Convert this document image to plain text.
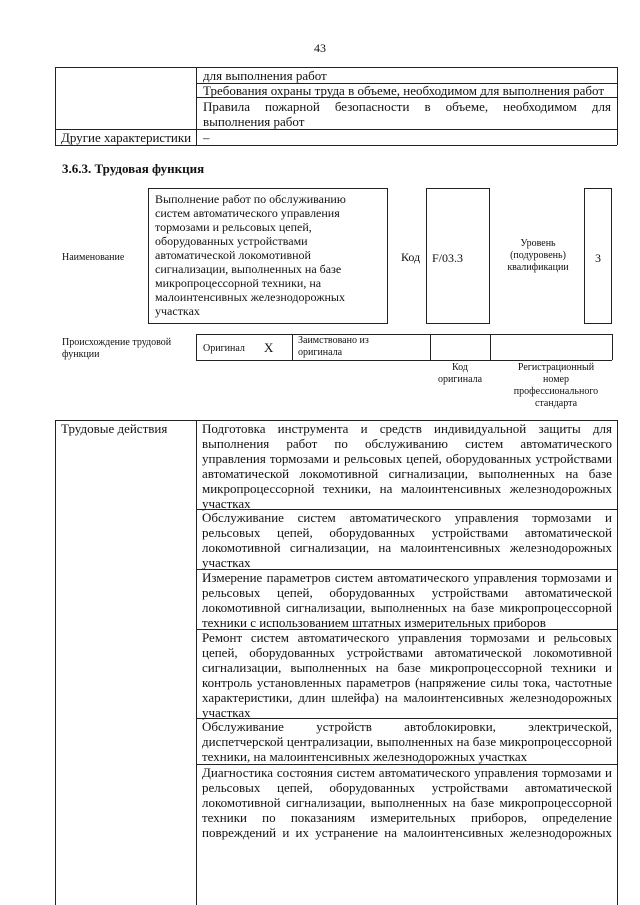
43
для выполнения работ
Требования охраны труда в объеме, необходимом для выполнения работ
Правила пожарной безопасности в объеме, необходимом для
выполнения работ
Другие характеристики –
3.6.3. Трудовая функция
Наименование
Выполнение работ по обслуживанию
систем автоматического управления
тормозами и рельсовых цепей,
оборудованных устройствами
автоматической локомотивной
сигнализации, выполненных на базе
микропроцессорной техники, на
малоинтенсивных железнодорожных
участках
Код F/03.3
Уровень
(подуровень)
квалификации
3
Происхождение трудовой
функции
Оригинал X Заимствовано из
оригинала
Код
оригинала
Регистрационный
номер
профессионального
стандарта
Трудовые действия	Подготовка инструмента и средств индивидуальной защиты для
выполнения работ по обслуживанию систем автоматического
управления тормозами и рельсовых цепей, оборудованных устройствами
автоматической локомотивной сигнализации, выполненных на базе
микропроцессорной техники, на малоинтенсивных железнодорожных
участках
Обслуживание систем автоматического управления тормозами и
рельсовых цепей, оборудованных устройствами автоматической
локомотивной сигнализации, на малоинтенсивных железнодорожных
участках
Измерение параметров систем автоматического управления тормозами и
рельсовых цепей, оборудованных устройствами автоматической
локомотивной сигнализации, выполненных на базе микропроцессорной
техники с использованием штатных измерительных приборов
Ремонт систем автоматического управления тормозами и рельсовых
цепей, оборудованных устройствами автоматической локомотивной
сигнализации, выполненных на базе микропроцессорной техники и
контроль установленных параметров (напряжение силы тока, частотные
характеристики, длин шлейфа) на малоинтенсивных железнодорожных
участках
Обслуживание устройств автоблокировки, электрической,
диспетчерской централизации, выполненных на базе микропроцессорной
техники, на малоинтенсивных железнодорожных участках
Диагностика состояния систем автоматического управления тормозами и
рельсовых цепей, оборудованных устройствами автоматической
локомотивной сигнализации, выполненных на базе микропроцессорной
техники по показаниям измерительных приборов, определение
повреждений и их устранение на малоинтенсивных железнодорожных
